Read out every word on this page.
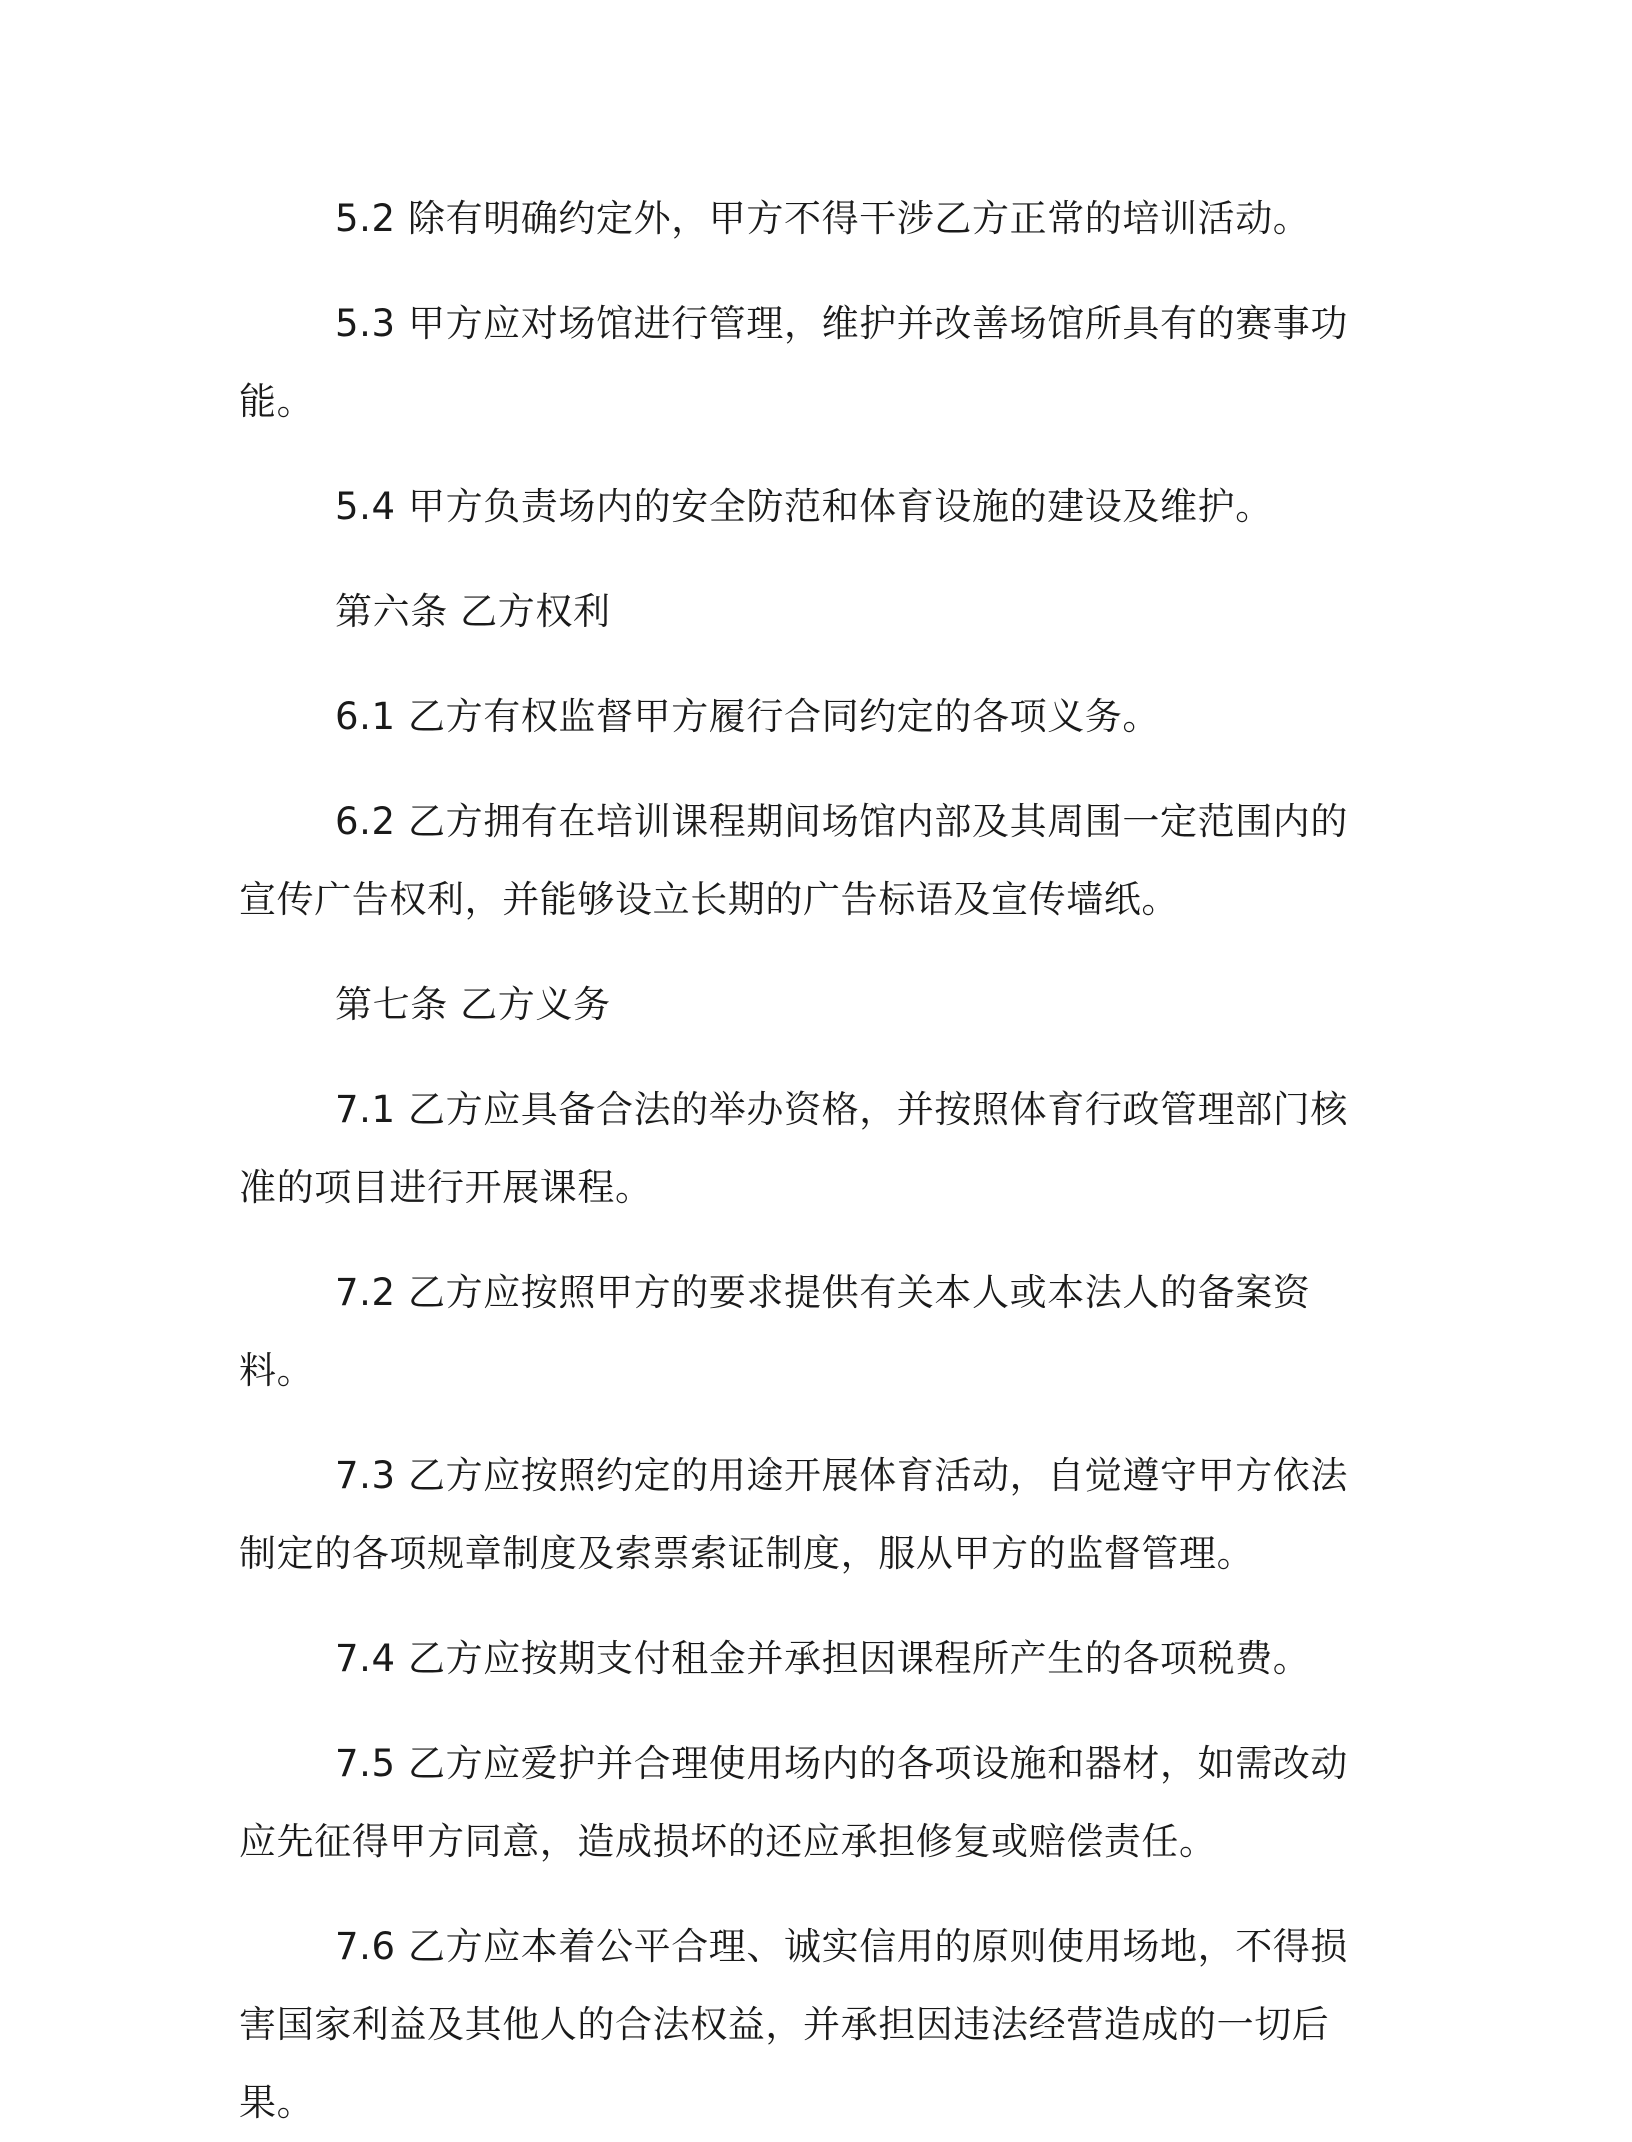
5.2 除有明确约定外，甲方不得干涉乙方正常的培训活动。

5.3 甲方应对场馆进行管理，维护并改善场馆所具有的赛事功能。

5.4 甲方负责场内的安全防范和体育设施的建设及维护。

第六条 乙方权利

6.1 乙方有权监督甲方履行合同约定的各项义务。

6.2 乙方拥有在培训课程期间场馆内部及其周围一定范围内的宣传广告权利，并能够设立长期的广告标语及宣传墙纸。

第七条 乙方义务

7.1 乙方应具备合法的举办资格，并按照体育行政管理部门核准的项目进行开展课程。

7.2 乙方应按照甲方的要求提供有关本人或本法人的备案资料。

7.3 乙方应按照约定的用途开展体育活动，自觉遵守甲方依法制定的各项规章制度及索票索证制度，服从甲方的监督管理。

7.4 乙方应按期支付租金并承担因课程所产生的各项税费。

7.5 乙方应爱护并合理使用场内的各项设施和器材，如需改动应先征得甲方同意，造成损坏的还应承担修复或赔偿责任。

7.6 乙方应本着公平合理、诚实信用的原则使用场地，不得损害国家利益及其他人的合法权益，并承担因违法经营造成的一切后果。
